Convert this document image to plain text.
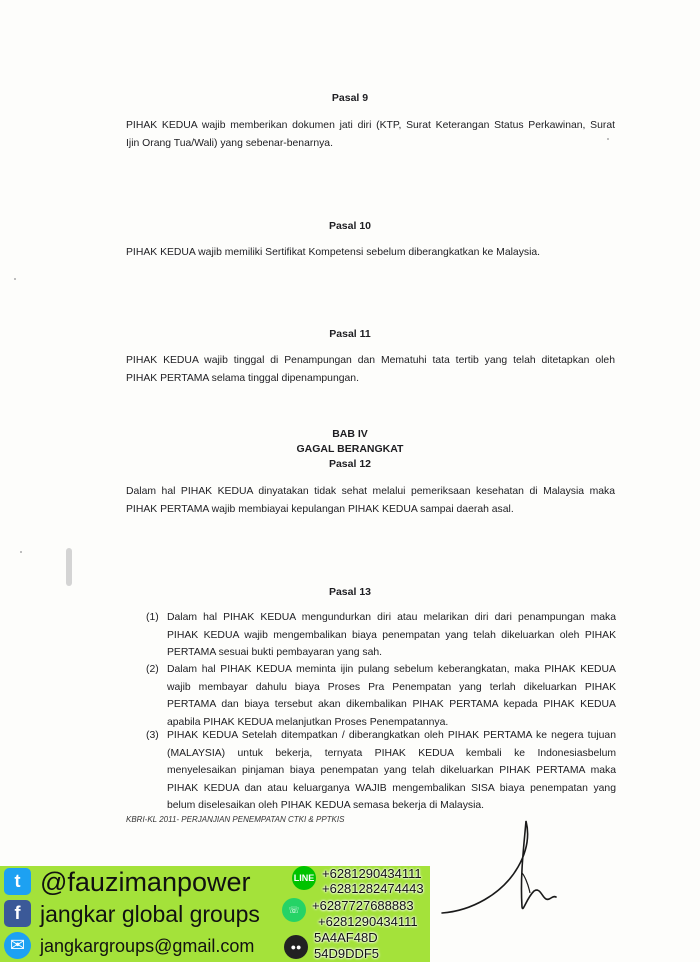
Pasal 9
PIHAK KEDUA wajib memberikan dokumen jati diri (KTP, Surat Keterangan Status Perkawinan, Surat
Ijin Orang Tua/Wali) yang sebenar-benarnya.
Pasal 10
PIHAK KEDUA wajib memiliki Sertifikat Kompetensi sebelum diberangkatkan ke Malaysia.
Pasal 11
PIHAK KEDUA wajib tinggal di Penampungan dan Mematuhi tata tertib yang telah ditetapkan oleh
PIHAK PERTAMA selama tinggal dipenampungan.
BAB IV
GAGAL BERANGKAT
Pasal 12
Dalam hal PIHAK KEDUA dinyatakan tidak sehat melalui pemeriksaan kesehatan di Malaysia maka
PIHAK PERTAMA wajib membiayai kepulangan PIHAK KEDUA sampai daerah asal.
Pasal 13
(1) Dalam hal PIHAK KEDUA mengundurkan diri atau melarikan diri dari penampungan maka
PIHAK KEDUA wajib mengembalikan biaya penempatan yang telah dikeluarkan oleh PIHAK
PERTAMA sesuai bukti pembayaran yang sah.
(2) Dalam hal PIHAK KEDUA meminta ijin pulang sebelum keberangkatan, maka PIHAK KEDUA
wajib membayar dahulu biaya Proses Pra Penempatan yang terlah dikeluarkan PIHAK
PERTAMA dan biaya tersebut akan dikembalikan PIHAK PERTAMA kepada PIHAK KEDUA
apabila PIHAK KEDUA melanjutkan Proses Penempatannya.
(3) PIHAK KEDUA Setelah ditempatkan / diberangkatkan oleh PIHAK PERTAMA ke negera tujuan
(MALAYSIA) untuk bekerja, ternyata PIHAK KEDUA kembali ke Indonesiasbelum
menyelesaikan pinjaman biaya penempatan yang telah dikeluarkan PIHAK PERTAMA maka
PIHAK KEDUA dan atau keluarganya WAJIB mengembalikan SISA biaya penempatan yang
belum diselesaikan oleh PIHAK KEDUA semasa bekerja di Malaysia.
KBRI-KL 2011- PERJANJIAN PENEMPATAN CTKI & PPTKIS
t @fauzimanpower
f jangkar global groups
✉ jangkargroups@gmail.com
LINE +6281290434111
+6281282474443
☏ +6287727688883
+6281290434111
●●
5A4AF48D
54D9DDF5
